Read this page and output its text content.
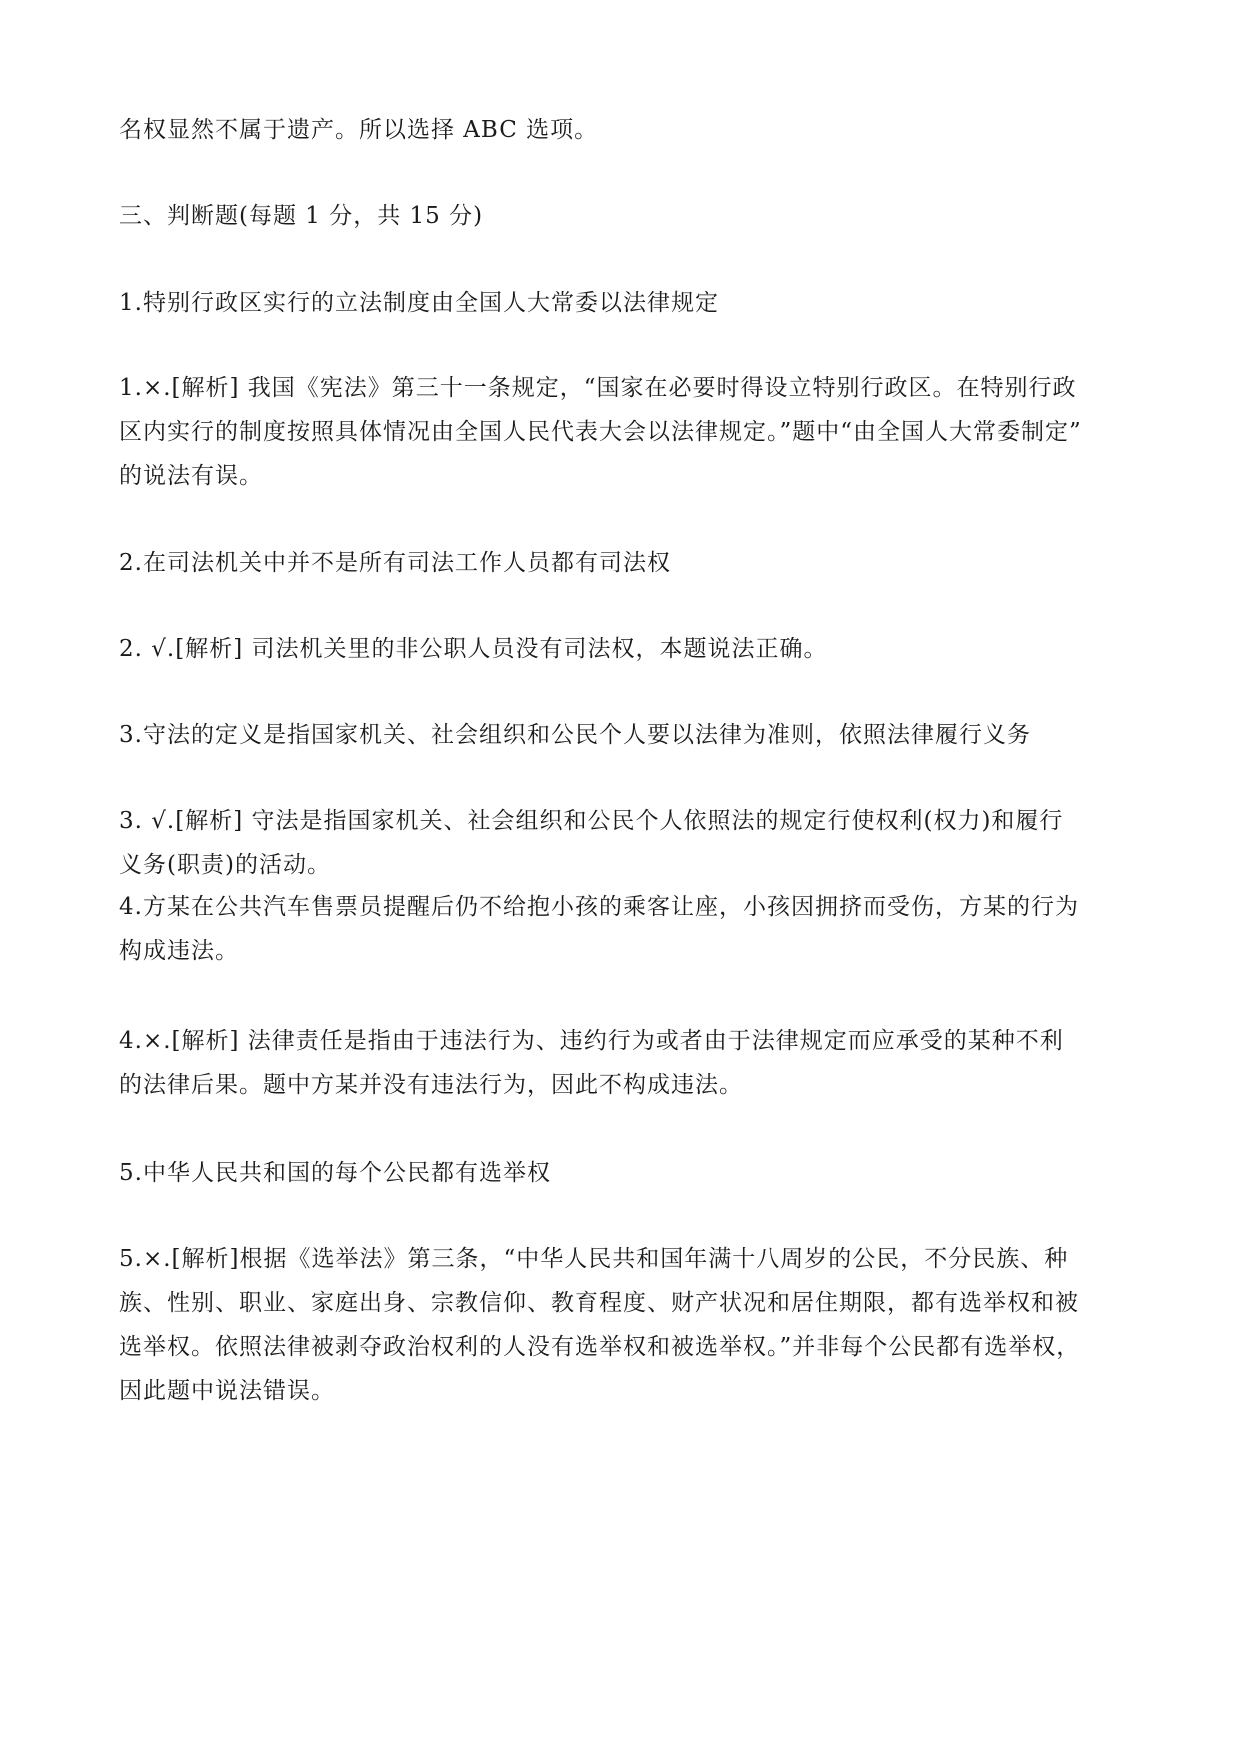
名权显然不属于遗产。所以选择 ABC 选项。
三、判断题(每题 1 分，共 15 分)
1.特别行政区实行的立法制度由全国人大常委以法律规定
1.×.[解析] 我国《宪法》第三十一条规定，“国家在必要时得设立特别行政区。在特别行政
区内实行的制度按照具体情况由全国人民代表大会以法律规定。”题中“由全国人大常委制定”
的说法有误。
2.在司法机关中并不是所有司法工作人员都有司法权
2. √.[解析] 司法机关里的非公职人员没有司法权，本题说法正确。
3.守法的定义是指国家机关、社会组织和公民个人要以法律为准则，依照法律履行义务
3. √.[解析] 守法是指国家机关、社会组织和公民个人依照法的规定行使权利(权力)和履行
义务(职责)的活动。
4.方某在公共汽车售票员提醒后仍不给抱小孩的乘客让座，小孩因拥挤而受伤，方某的行为
构成违法。
4.×.[解析] 法律责任是指由于违法行为、违约行为或者由于法律规定而应承受的某种不利
的法律后果。题中方某并没有违法行为，因此不构成违法。
5.中华人民共和国的每个公民都有选举权
5.×.[解析]根据《选举法》第三条，“中华人民共和国年满十八周岁的公民，不分民族、种
族、性别、职业、家庭出身、宗教信仰、教育程度、财产状况和居住期限，都有选举权和被
选举权。依照法律被剥夺政治权利的人没有选举权和被选举权。”并非每个公民都有选举权，
因此题中说法错误。
